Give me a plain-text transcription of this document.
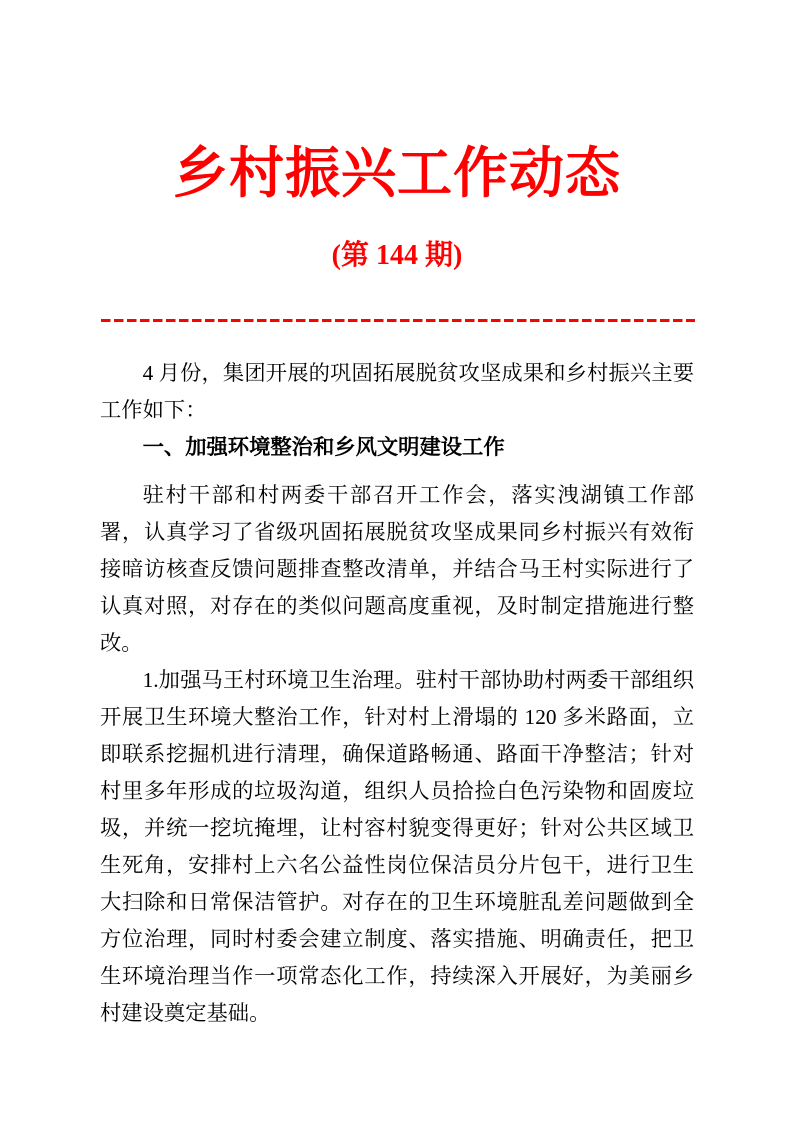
乡村振兴工作动态
(第 144 期)

4 月份，集团开展的巩固拓展脱贫攻坚成果和乡村振兴主要工作如下：

一、加强环境整治和乡风文明建设工作

驻村干部和村两委干部召开工作会，落实洩湖镇工作部署，认真学习了省级巩固拓展脱贫攻坚成果同乡村振兴有效衔接暗访核查反馈问题排查整改清单，并结合马王村实际进行了认真对照，对存在的类似问题高度重视，及时制定措施进行整改。

1.加强马王村环境卫生治理。驻村干部协助村两委干部组织开展卫生环境大整治工作，针对村上滑塌的 120 多米路面，立即联系挖掘机进行清理，确保道路畅通、路面干净整洁；针对村里多年形成的垃圾沟道，组织人员拾捡白色污染物和固废垃圾，并统一挖坑掩埋，让村容村貌变得更好；针对公共区域卫生死角，安排村上六名公益性岗位保洁员分片包干，进行卫生大扫除和日常保洁管护。对存在的卫生环境脏乱差问题做到全方位治理，同时村委会建立制度、落实措施、明确责任，把卫生环境治理当作一项常态化工作，持续深入开展好，为美丽乡村建设奠定基础。
